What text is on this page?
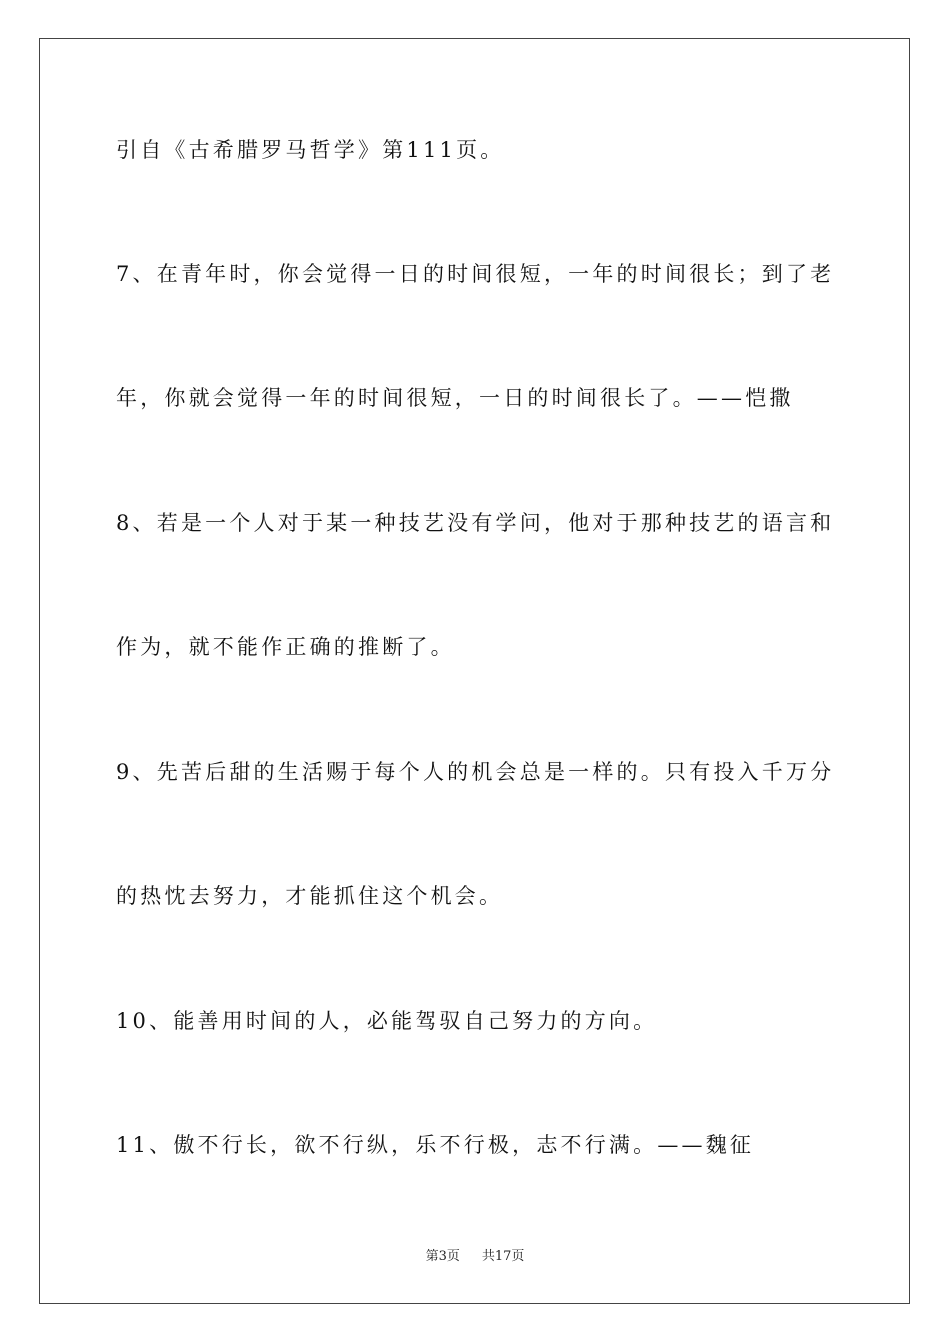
引自《古希腊罗马哲学》第111页。

7、在青年时，你会觉得一日的时间很短，一年的时间很长；到了老

年，你就会觉得一年的时间很短，一日的时间很长了。——恺撒

8、若是一个人对于某一种技艺没有学问，他对于那种技艺的语言和

作为，就不能作正确的推断了。

9、先苦后甜的生活赐于每个人的机会总是一样的。只有投入千万分

的热忱去努力，才能抓住这个机会。

10、能善用时间的人，必能驾驭自己努力的方向。

11、傲不行长，欲不行纵，乐不行极，志不行满。——魏征

第3页 共17页
